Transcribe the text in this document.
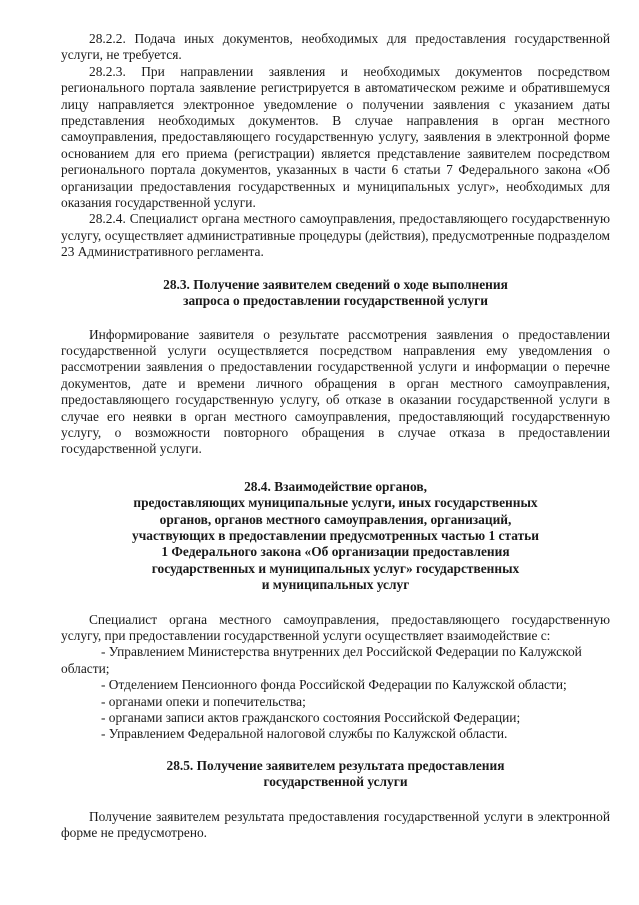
28.2.2. Подача иных документов, необходимых для предоставления государственной услуги, не требуется.

28.2.3. При направлении заявления и необходимых документов посредством регионального портала заявление регистрируется в автоматическом режиме и обратившемуся лицу направляется электронное уведомление о получении заявления с указанием даты представления необходимых документов. В случае направления в орган местного самоуправления, предоставляющего государственную услугу, заявления в электронной форме основанием для его приема (регистрации) является представление заявителем посредством регионального портала документов, указанных в части 6 статьи 7 Федерального закона «Об организации предоставления государственных и муниципальных услуг», необходимых для оказания государственной услуги.

28.2.4. Специалист органа местного самоуправления, предоставляющего государственную услугу, осуществляет административные процедуры (действия), предусмотренные подразделом 23 Административного регламента.

28.3. Получение заявителем сведений о ходе выполнения
запроса о предоставлении государственной услуги

Информирование заявителя о результате рассмотрения заявления о предоставлении государственной услуги осуществляется посредством направления ему уведомления о рассмотрении заявления о предоставлении государственной услуги и информации о перечне документов, дате и времени личного обращения в орган местного самоуправления, предоставляющего государственную услугу, об отказе в оказании государственной услуги в случае его неявки в орган местного самоуправления, предоставляющий государственную услугу, о возможности повторного обращения в случае отказа в предоставлении государственной услуги.

28.4. Взаимодействие органов,
предоставляющих муниципальные услуги, иных государственных
органов, органов местного самоуправления, организаций,
участвующих в предоставлении предусмотренных частью 1 статьи
1 Федерального закона «Об организации предоставления
государственных и муниципальных услуг» государственных
и муниципальных услуг

Специалист органа местного самоуправления, предоставляющего государственную услугу, при предоставлении государственной услуги осуществляет взаимодействие с:

- Управлением Министерства внутренних дел Российской Федерации по Калужской области;

- Отделением Пенсионного фонда Российской Федерации по Калужской области;

- органами опеки и попечительства;

- органами записи актов гражданского состояния Российской Федерации;

- Управлением Федеральной налоговой службы по Калужской области.

28.5. Получение заявителем результата предоставления
государственной услуги

Получение заявителем результата предоставления государственной услуги в электронной форме не предусмотрено.
